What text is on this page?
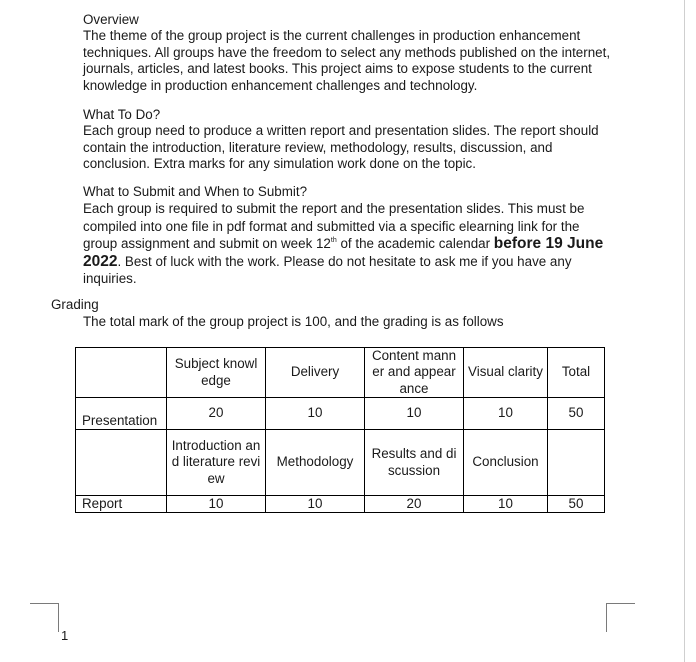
Overview
The theme of the group project is the current challenges in production enhancement techniques. All groups have the freedom to select any methods published on the internet, journals, articles, and latest books. This project aims to expose students to the current knowledge in production enhancement challenges and technology.
What To Do?
Each group need to produce a written report and presentation slides. The report should contain the introduction, literature review, methodology, results, discussion, and conclusion. Extra marks for any simulation work done on the topic.
What to Submit and When to Submit?
Each group is required to submit the report and the presentation slides. This must be compiled into one file in pdf format and submitted via a specific elearning link for the group assignment and submit on week 12th of the academic calendar before 19 June 2022. Best of luck with the work. Please do not hesitate to ask me if you have any inquiries.
Grading
The total mark of the group project is 100, and the grading is as follows
	Subject knowledge	Delivery	Content manner and appearance	Visual clarity	Total
Presentation	20	10	10	10	50
	Introduction and literature review	Methodology	Results and discussion	Conclusion	
Report	10	10	20	10	50
1
